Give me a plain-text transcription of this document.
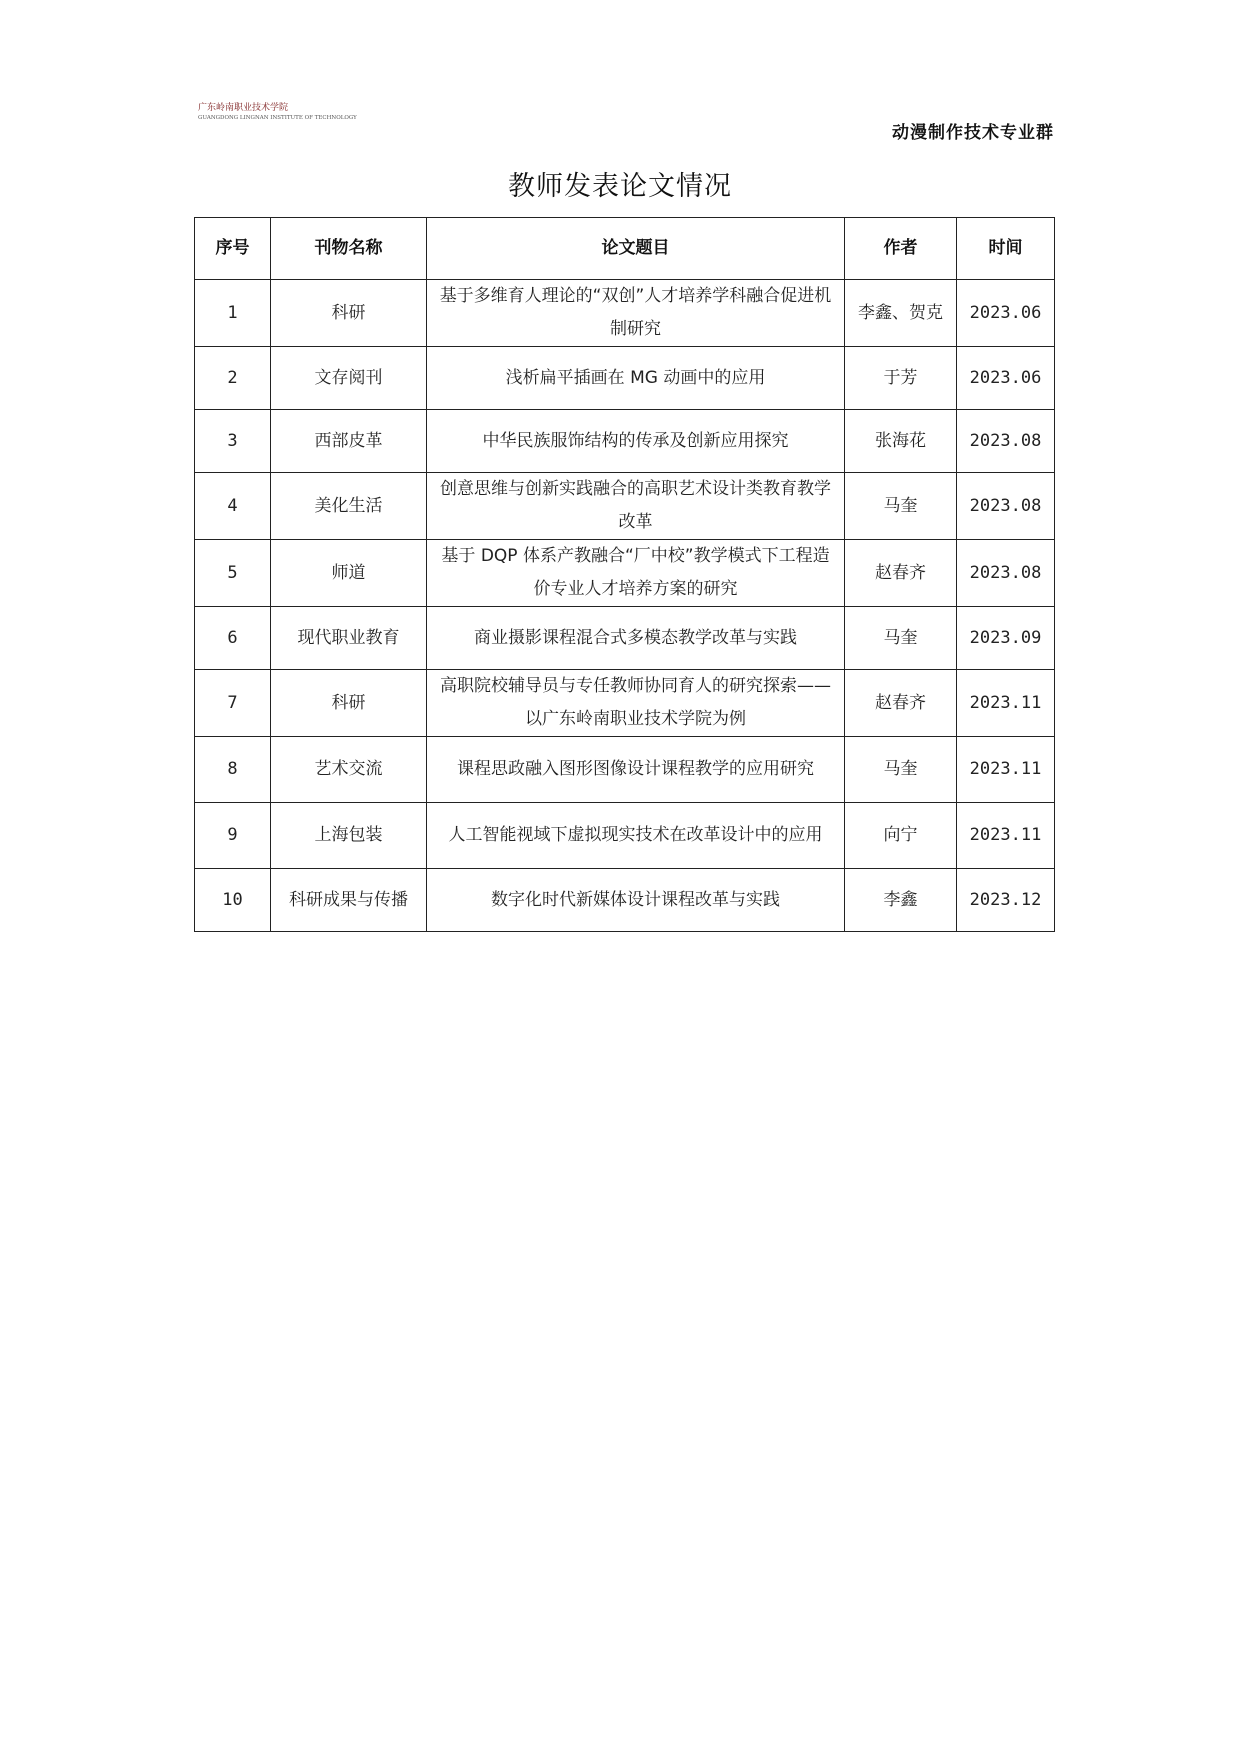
广东岭南职业技术学院
GUANGDONG LINGNAN INSTITUTE OF TECHNOLOGY
动漫制作技术专业群
教师发表论文情况
序号	刊物名称	论文题目	作者	时间
1	科研	基于多维育人理论的“双创”人才培养学科融合促进机制研究	李鑫、贺克	2023.06
2	文存阅刊	浅析扁平插画在 MG 动画中的应用	于芳	2023.06
3	西部皮革	中华民族服饰结构的传承及创新应用探究	张海花	2023.08
4	美化生活	创意思维与创新实践融合的高职艺术设计类教育教学改革	马奎	2023.08
5	师道	基于 DQP 体系产教融合“厂中校”教学模式下工程造价专业人才培养方案的研究	赵春齐	2023.08
6	现代职业教育	商业摄影课程混合式多模态教学改革与实践	马奎	2023.09
7	科研	高职院校辅导员与专任教师协同育人的研究探索——以广东岭南职业技术学院为例	赵春齐	2023.11
8	艺术交流	课程思政融入图形图像设计课程教学的应用研究	马奎	2023.11
9	上海包装	人工智能视域下虚拟现实技术在改革设计中的应用	向宁	2023.11
10	科研成果与传播	数字化时代新媒体设计课程改革与实践	李鑫	2023.12
